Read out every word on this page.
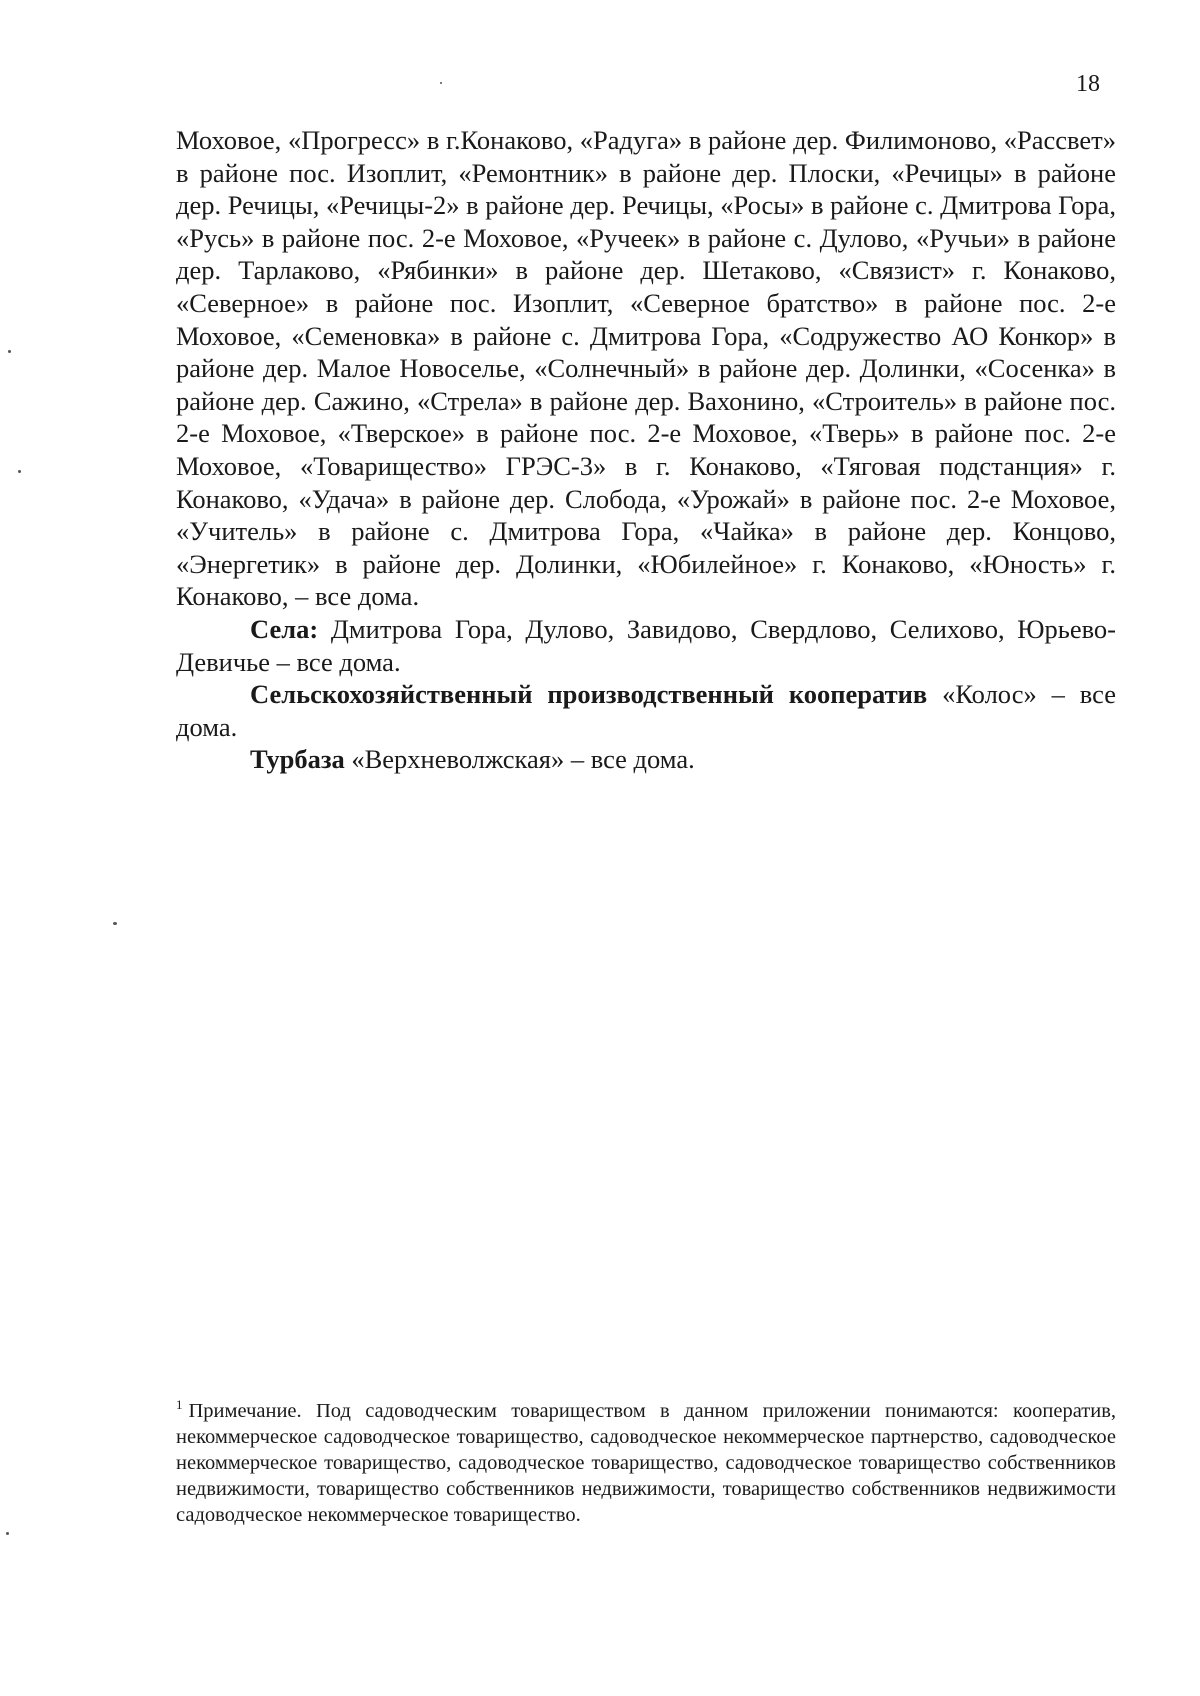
18

Моховое, «Прогресс» в г.Конаково, «Радуга» в районе дер. Филимоново, «Рассвет» в районе пос. Изоплит, «Ремонтник» в районе дер. Плоски, «Речицы» в районе дер. Речицы, «Речицы-2» в районе дер. Речицы, «Росы» в районе с. Дмитрова Гора, «Русь» в районе пос. 2-е Моховое, «Ручеек» в районе с. Дулово, «Ручьи» в районе дер. Тарлаково, «Рябинки» в районе дер. Шетаково, «Связист» г. Конаково, «Северное» в районе пос. Изоплит, «Северное братство» в районе пос. 2-е Моховое, «Семеновка» в районе с. Дмитрова Гора, «Содружество АО Конкор» в районе дер. Малое Новоселье, «Солнечный» в районе дер. Долинки, «Сосенка» в районе дер. Сажино, «Стрела» в районе дер. Вахонино, «Строитель» в районе пос. 2-е Моховое, «Тверское» в районе пос. 2-е Моховое, «Тверь» в районе пос. 2-е Моховое, «Товарищество» ГРЭС-3» в г. Конаково, «Тяговая подстанция» г. Конаково, «Удача» в районе дер. Слобода, «Урожай» в районе пос. 2-е Моховое, «Учитель» в районе с. Дмитрова Гора, «Чайка» в районе дер. Концово, «Энергетик» в районе дер. Долинки, «Юбилейное» г. Конаково, «Юность» г. Конаково, – все дома.

Села: Дмитрова Гора, Дулово, Завидово, Свердлово, Селихово, Юрьево-Девичье – все дома.

Сельскохозяйственный производственный кооператив «Колос» – все дома.

Турбаза «Верхневолжская» – все дома.

$^1$ Примечание. Под садоводческим товариществом в данном приложении понимаются: кооператив, некоммерческое садоводческое товарищество, садоводческое некоммерческое партнерство, садоводческое некоммерческое товарищество, садоводческое товарищество, садоводческое товарищество собственников недвижимости, товарищество собственников недвижимости, товарищество собственников недвижимости садоводческое некоммерческое товарищество.
